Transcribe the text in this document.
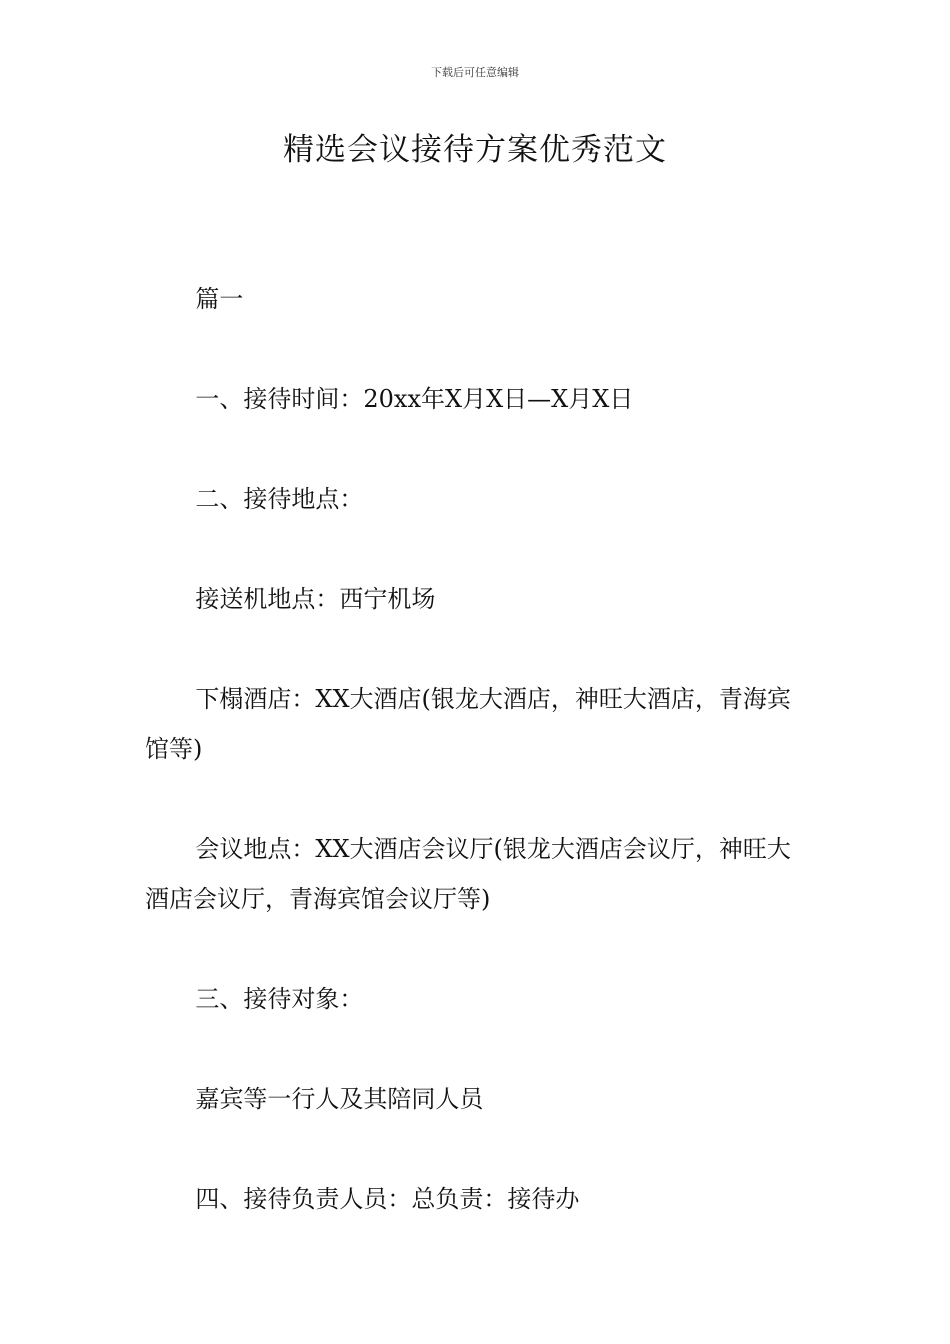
下载后可任意编辑
精选会议接待方案优秀范文

篇一

一、接待时间：20xx年X月X日—X月X日

二、接待地点：

接送机地点：西宁机场

下榻酒店：XX大酒店(银龙大酒店，神旺大酒店，青海宾馆等)

会议地点：XX大酒店会议厅(银龙大酒店会议厅，神旺大酒店会议厅，青海宾馆会议厅等)

三、接待对象：

嘉宾等一行人及其陪同人员

四、接待负责人员：总负责：接待办
